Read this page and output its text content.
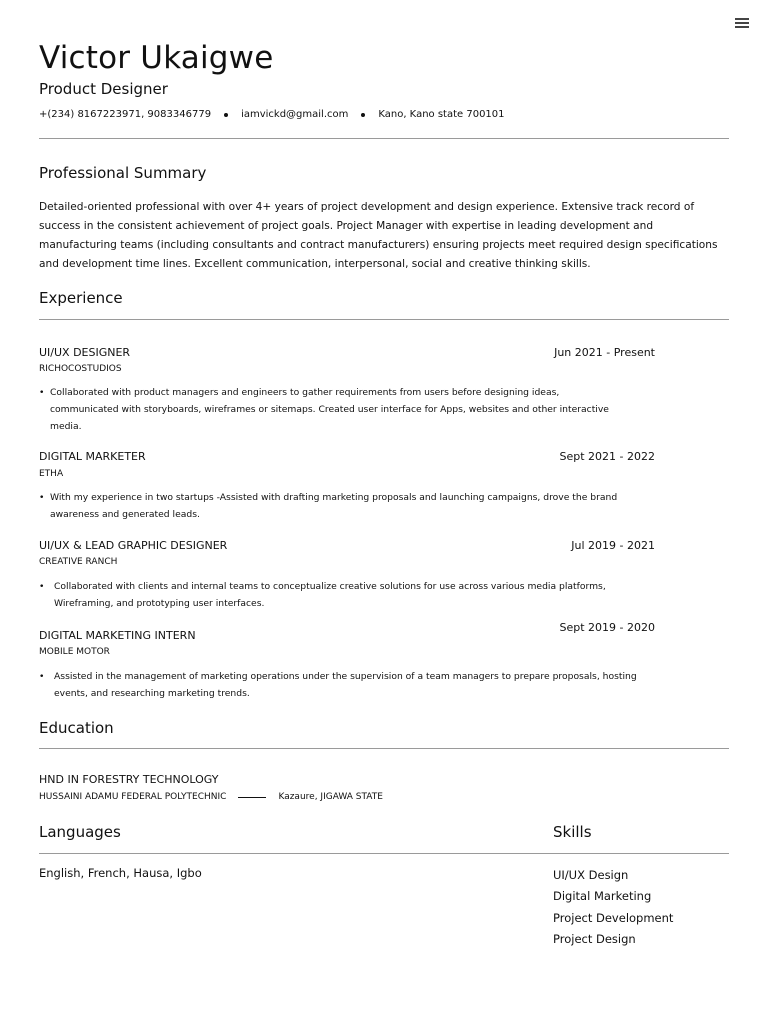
Victor Ukaigwe
Product Designer
+(234) 8167223971, 9083346779	iamvickd@gmail.com	Kano, Kano state 700101
Professional Summary
Detailed-oriented professional with over 4+ years of project development and design experience. Extensive track record of success in the consistent achievement of project goals. Project Manager with expertise in leading development and manufacturing teams (including consultants and contract manufacturers) ensuring projects meet required design specifications and development time lines. Excellent communication, interpersonal, social and creative thinking skills.
Experience
UI/UX DESIGNER	Jun 2021 - Present
RICHOCOSTUDIOS
• Collaborated with product managers and engineers to gather requirements from users before designing ideas, communicated with storyboards, wireframes or sitemaps. Created user interface for Apps, websites and other interactive media.
DIGITAL MARKETER	Sept 2021 - 2022
ETHA
• With my experience in two startups -Assisted with drafting marketing proposals and launching campaigns, drove the brand awareness and generated leads.
UI/UX & LEAD GRAPHIC DESIGNER	Jul 2019 - 2021
CREATIVE RANCH
• Collaborated with clients and internal teams to conceptualize creative solutions for use across various media platforms, Wireframing, and prototyping user interfaces.
DIGITAL MARKETING INTERN
Sept 2019 - 2020
MOBILE MOTOR
• Assisted in the management of marketing operations under the supervision of a team managers to prepare proposals, hosting events, and researching marketing trends.
Education
HND IN FORESTRY TECHNOLOGY
HUSSAINI ADAMU FEDERAL POLYTECHNIC	Kazaure, JIGAWA STATE
Languages	Skills
English, French, Hausa, Igbo	UI/UX Design
Digital Marketing
Project Development
Project Design
